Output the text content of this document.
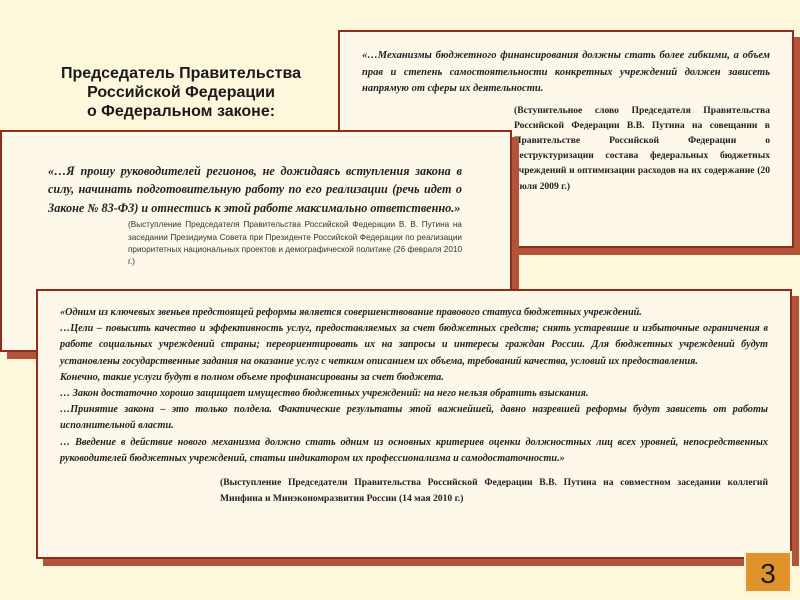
Председатель Правительства
Российской Федерации
о Федеральном законе:

«…Механизмы бюджетного финансирования должны стать более гибкими, а объем прав и степень самостоятельности конкретных учреждений должен зависеть напрямую от сферы их деятельности.

(Вступительное слово Председателя Правительства Российской Федерации В.В. Путина на совещании в Правительстве Российской Федерации о реструктуризации состава федеральных бюджетных учреждений и оптимизации расходов на их содержание (20 июля 2009 г.)

«…Я прошу руководителей регионов, не дожидаясь вступления закона в силу, начинать подготовительную работу по его реализации (речь идет о Законе № 83-ФЗ) и отнестись к этой работе максимально ответственно.»

(Выступление Председателя Правительства Российской Федерации В. В. Путина на заседании Президиума Совета при Президенте Российской Федерации по реализации приоритетных национальных проектов и демографической политике (26 февраля 2010 г.)

«Одним из ключевых звеньев предстоящей реформы является совершенствование правового статуса бюджетных учреждений.

…Цели – повысить качество и эффективность услуг, предоставляемых за счет бюджетных средств; снять устаревшие и избыточные ограничения в работе социальных учреждений страны; переориентировать их на запросы и интересы граждан России. Для бюджетных учреждений будут установлены государственные задания на оказание услуг с четким описанием их объема, требований качества, условий их предоставления.

Конечно, такие услуги будут в полном объеме профинансированы за счет бюджета.

… Закон достаточно хорошо защищает имущество бюджетных учреждений: на него нельзя обратить взыскания.

…Принятие закона – это только полдела. Фактические результаты этой важнейшей, давно назревшей реформы будут зависеть от работы исполнительной власти.

… Введение в действие нового механизма должно стать одним из основных критериев оценки должностных лиц всех уровней, непосредственных руководителей бюджетных учреждений, статьи индикатором их профессионализма и самодостаточности.»

(Выступление Председатели Правительства Российской Федерации В.В. Путина на совместном заседании коллегий Минфина и Минэкономразвития России (14 мая 2010 г.)
3
